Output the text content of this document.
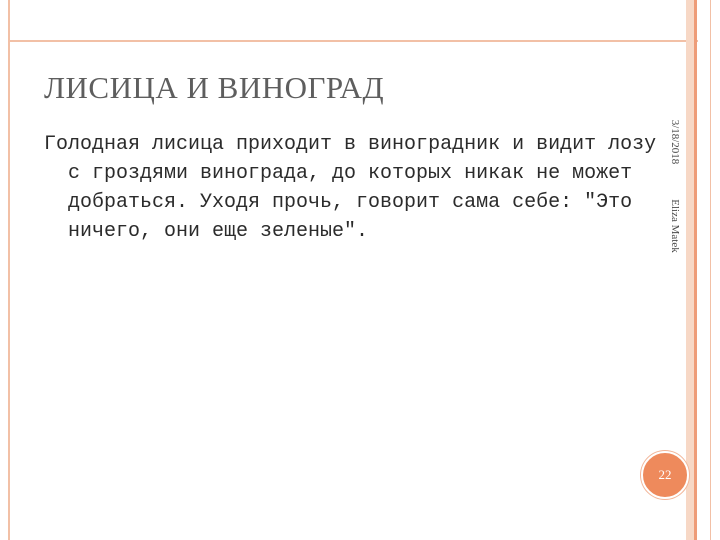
ЛИСИЦА И ВИНОГРАД
Голодная лисица приходит в виноградник и видит лозу с гроздями винограда, до которых никак не может добраться. Уходя прочь, говорит сама себе: "Это ничего, они еще зеленые".
3/18/2018
Eliza Matek
22
